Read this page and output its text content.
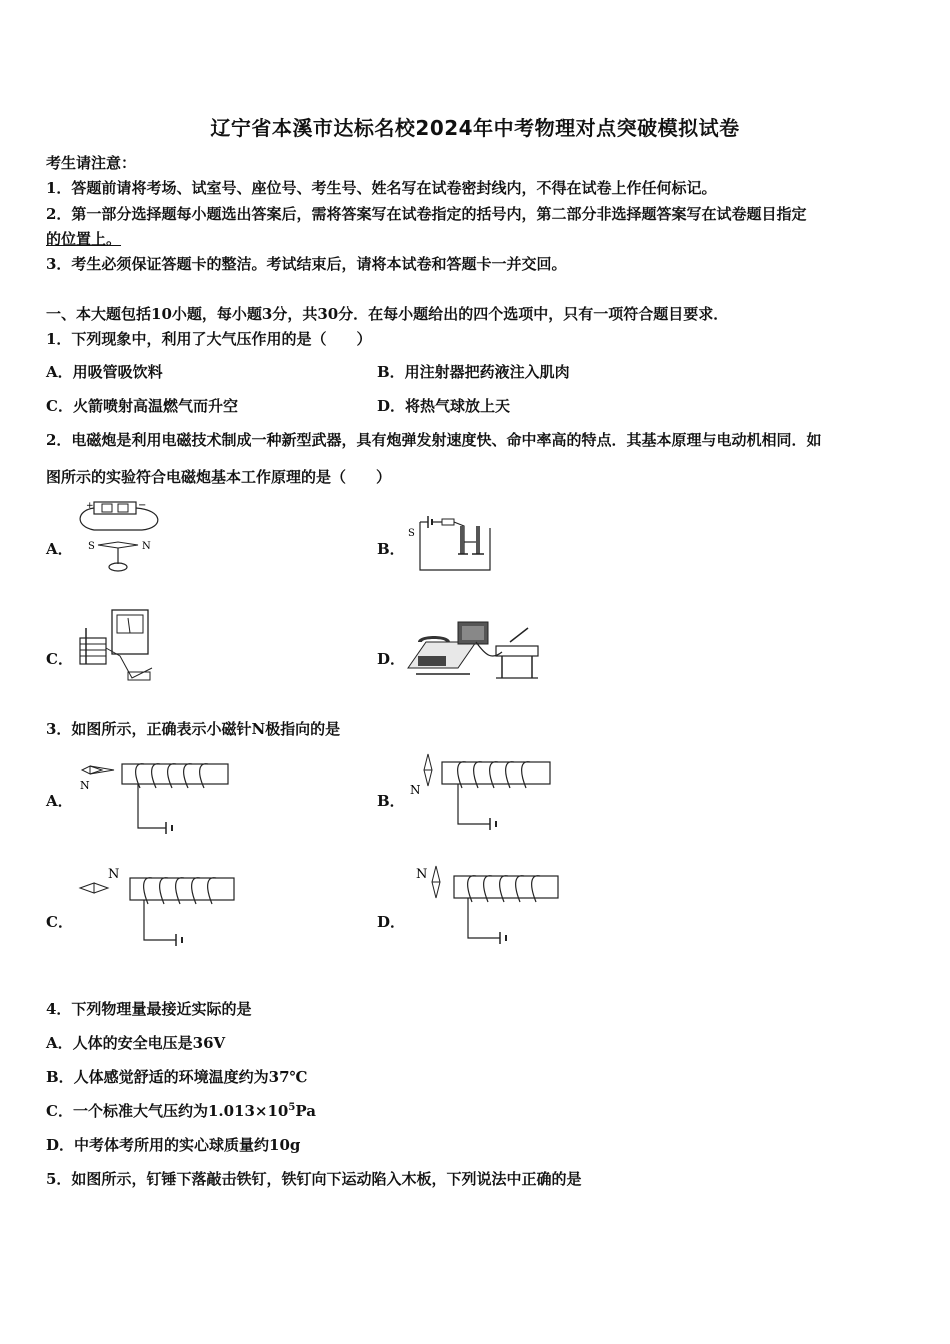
辽宁省本溪市达标名校2024年中考物理对点突破模拟试卷
考生请注意：
1．答题前请将考场、试室号、座位号、考生号、姓名写在试卷密封线内，不得在试卷上作任何标记。
2．第一部分选择题每小题选出答案后，需将答案写在试卷指定的括号内，第二部分非选择题答案写在试卷题目指定
的位置上。
3．考生必须保证答题卡的整洁。考试结束后，请将本试卷和答题卡一并交回。
一、本大题包括10小题，每小题3分，共30分．在每小题给出的四个选项中，只有一项符合题目要求．
1．下列现象中，利用了大气压作用的是（　　）
A．用吸管吸饮料	B．用注射器把药液注入肌肉
C．火箭喷射高温燃气而升空	D．将热气球放上天
2．电磁炮是利用电磁技术制成一种新型武器，具有炮弹发射速度快、命中率高的特点．其基本原理与电动机相同．如
图所示的实验符合电磁炮基本工作原理的是（　　）
A．
+	−
S	N	B．
S
C．	D．
3．如图所示，正确表示小磁针N极指向的是
A．
N
B．
N
C．
N
D．
N
4．下列物理量最接近实际的是
A．人体的安全电压是36V
B．人体感觉舒适的环境温度约为37℃
C．一个标准大气压约为$1.013\times 10^5Pa$
D．中考体考所用的实心球质量约10g
5．如图所示，钉锤下落敲击铁钉，铁钉向下运动陷入木板，下列说法中正确的是
